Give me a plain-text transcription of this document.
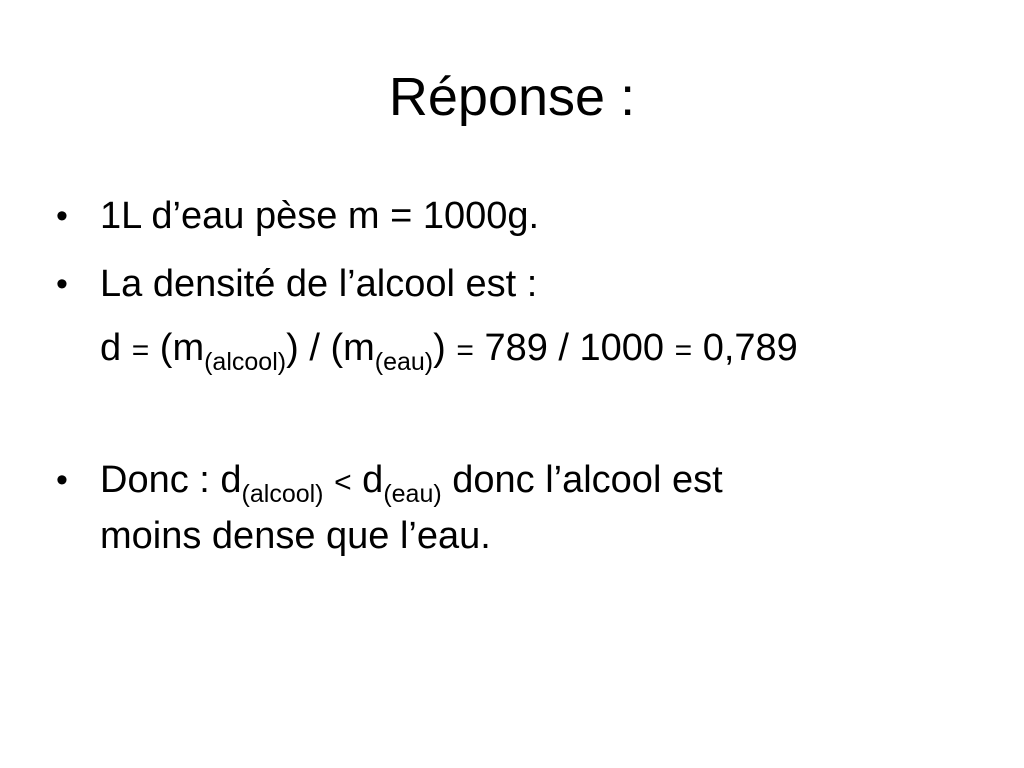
Réponse :
• 1L d’eau pèse m = 1000g.
• La densité de l’alcool est :
$d = (m_{(alcool)}) / (m_{(eau)}) = 789 / 1000 = 0,789$
• Donc : $d_{(alcool)} < d_{(eau)}$ donc l’alcool est
moins dense que l’eau.
